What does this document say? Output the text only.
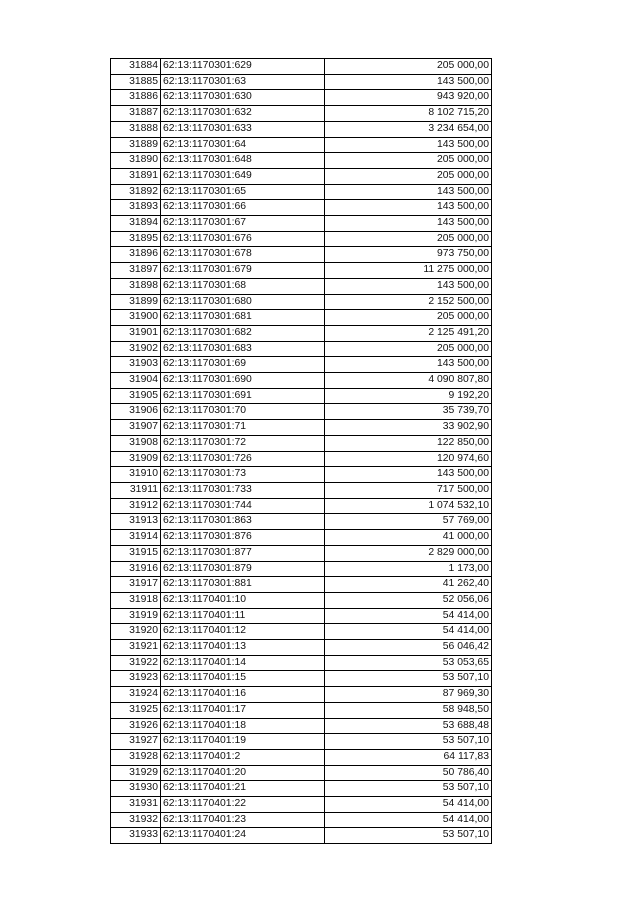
31884	62:13:1170301:629	205 000,00
31885	62:13:1170301:63	143 500,00
31886	62:13:1170301:630	943 920,00
31887	62:13:1170301:632	8 102 715,20
31888	62:13:1170301:633	3 234 654,00
31889	62:13:1170301:64	143 500,00
31890	62:13:1170301:648	205 000,00
31891	62:13:1170301:649	205 000,00
31892	62:13:1170301:65	143 500,00
31893	62:13:1170301:66	143 500,00
31894	62:13:1170301:67	143 500,00
31895	62:13:1170301:676	205 000,00
31896	62:13:1170301:678	973 750,00
31897	62:13:1170301:679	11 275 000,00
31898	62:13:1170301:68	143 500,00
31899	62:13:1170301:680	2 152 500,00
31900	62:13:1170301:681	205 000,00
31901	62:13:1170301:682	2 125 491,20
31902	62:13:1170301:683	205 000,00
31903	62:13:1170301:69	143 500,00
31904	62:13:1170301:690	4 090 807,80
31905	62:13:1170301:691	9 192,20
31906	62:13:1170301:70	35 739,70
31907	62:13:1170301:71	33 902,90
31908	62:13:1170301:72	122 850,00
31909	62:13:1170301:726	120 974,60
31910	62:13:1170301:73	143 500,00
31911	62:13:1170301:733	717 500,00
31912	62:13:1170301:744	1 074 532,10
31913	62:13:1170301:863	57 769,00
31914	62:13:1170301:876	41 000,00
31915	62:13:1170301:877	2 829 000,00
31916	62:13:1170301:879	1 173,00
31917	62:13:1170301:881	41 262,40
31918	62:13:1170401:10	52 056,06
31919	62:13:1170401:11	54 414,00
31920	62:13:1170401:12	54 414,00
31921	62:13:1170401:13	56 046,42
31922	62:13:1170401:14	53 053,65
31923	62:13:1170401:15	53 507,10
31924	62:13:1170401:16	87 969,30
31925	62:13:1170401:17	58 948,50
31926	62:13:1170401:18	53 688,48
31927	62:13:1170401:19	53 507,10
31928	62:13:1170401:2	64 117,83
31929	62:13:1170401:20	50 786,40
31930	62:13:1170401:21	53 507,10
31931	62:13:1170401:22	54 414,00
31932	62:13:1170401:23	54 414,00
31933	62:13:1170401:24	53 507,10
